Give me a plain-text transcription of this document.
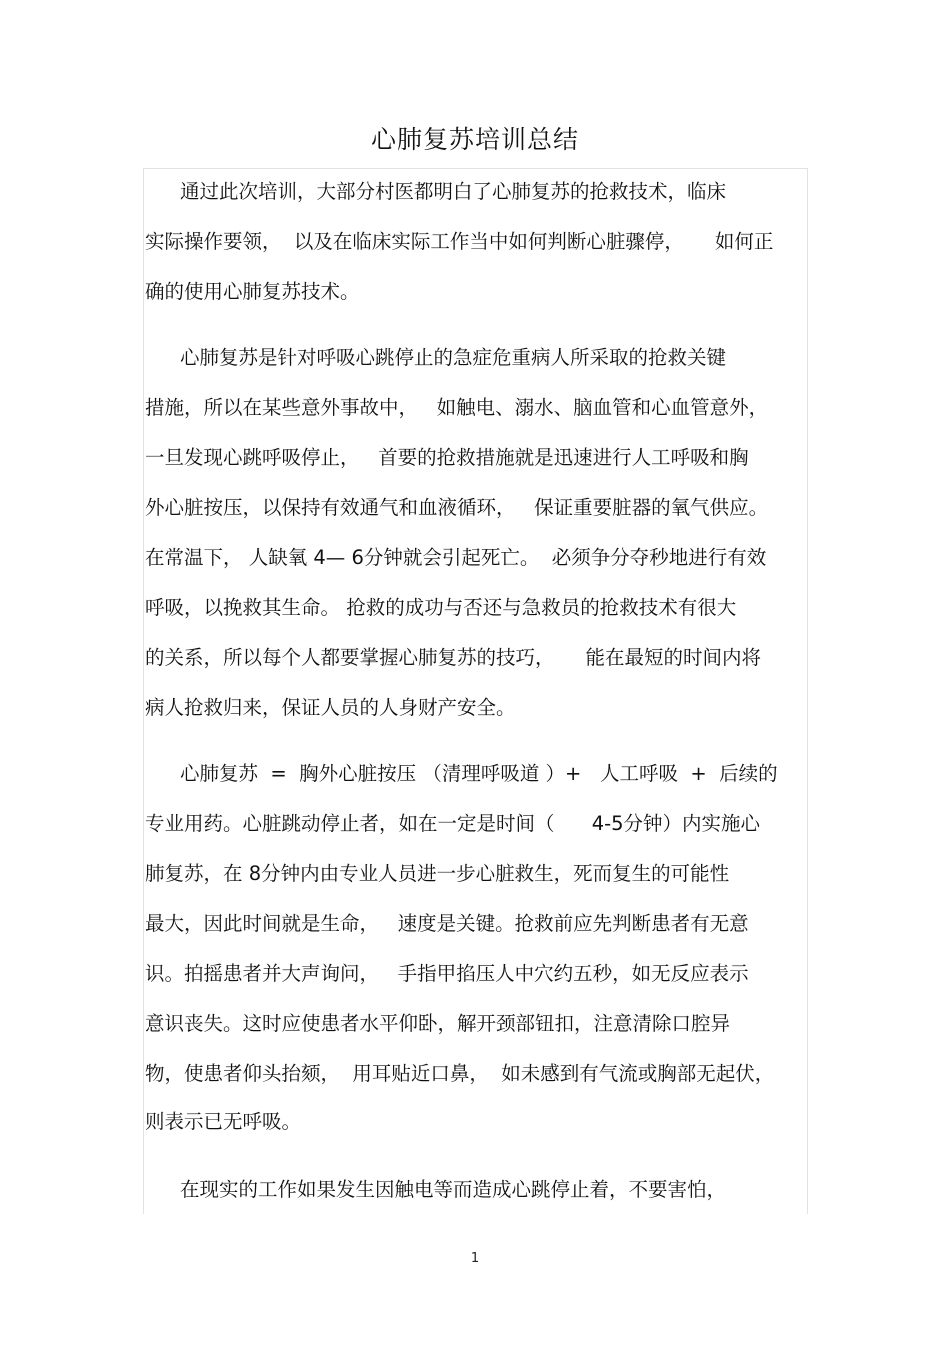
心肺复苏培训总结
通过此次培训，大部分村医都明白了心肺复苏的抢救技术，临床
实际操作要领，  以及在临床实际工作当中如何判断心脏骤停，     如何正
确的使用心肺复苏技术。
心肺复苏是针对呼吸心跳停止的急症危重病人所采取的抢救关键
措施，所以在某些意外事故中，   如触电、溺水、脑血管和心血管意外，
一旦发现心跳呼吸停止，   首要的抢救措施就是迅速进行人工呼吸和胸
外心脏按压，以保持有效通气和血液循环，   保证重要脏器的氧气供应。
在常温下， 人缺氧 4— 6分钟就会引起死亡。  必须争分夺秒地进行有效
呼吸，以挽救其生命。 抢救的成功与否还与急救员的抢救技术有很大
的关系，所以每个人都要掌握心肺复苏的技巧，     能在最短的时间内将
病人抢救归来，保证人员的人身财产安全。
心肺复苏  =  胸外心脏按压 （清理呼吸道 ）+   人工呼吸  +  后续的
专业用药。心脏跳动停止者，如在一定是时间（      4-5分钟）内实施心
肺复苏，在 8分钟内由专业人员进一步心脏救生，死而复生的可能性
最大，因此时间就是生命，   速度是关键。抢救前应先判断患者有无意
识。拍摇患者并大声询问，   手指甲掐压人中穴约五秒，如无反应表示
意识丧失。这时应使患者水平仰卧，解开颈部钮扣，注意清除口腔异
物，使患者仰头抬颏，  用耳贴近口鼻，  如未感到有气流或胸部无起伏，
则表示已无呼吸。
在现实的工作如果发生因触电等而造成心跳停止着，不要害怕，
1
